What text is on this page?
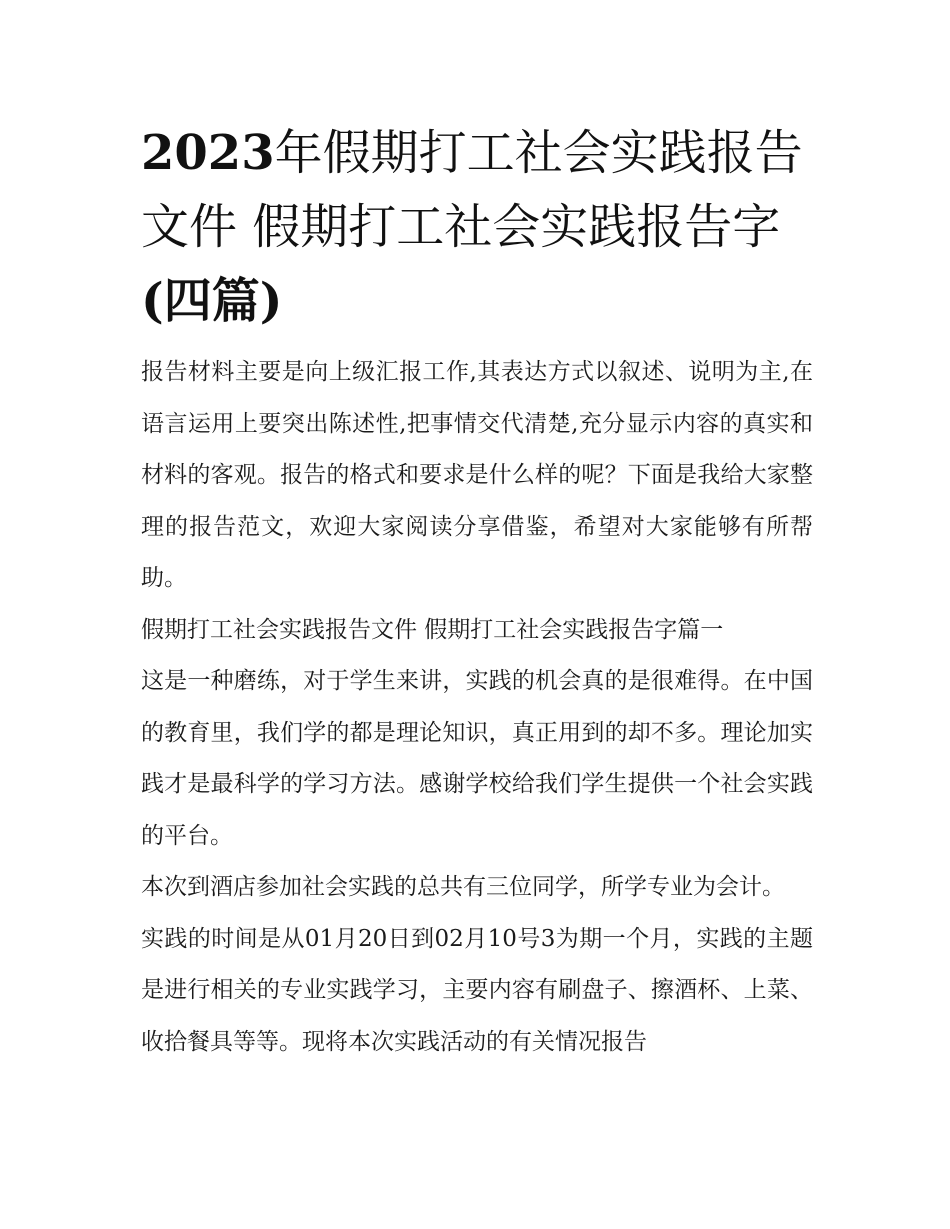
2023年假期打工社会实践报告文件 假期打工社会实践报告字
(四篇)

报告材料主要是向上级汇报工作,其表达方式以叙述、说明为主,在语言运用上要突出陈述性,把事情交代清楚,充分显示内容的真实和材料的客观。报告的格式和要求是什么样的呢？下面是我给大家整理的报告范文，欢迎大家阅读分享借鉴，希望对大家能够有所帮助。

假期打工社会实践报告文件 假期打工社会实践报告字篇一

这是一种磨练，对于学生来讲，实践的机会真的是很难得。在中国的教育里，我们学的都是理论知识，真正用到的却不多。理论加实践才是最科学的学习方法。感谢学校给我们学生提供一个社会实践的平台。

本次到酒店参加社会实践的总共有三位同学，所学专业为会计。

实践的时间是从01月20日到02月10号3为期一个月，实践的主题是进行相关的专业实践学习，主要内容有刷盘子、擦酒杯、上菜、收拾餐具等等。现将本次实践活动的有关情况报告
